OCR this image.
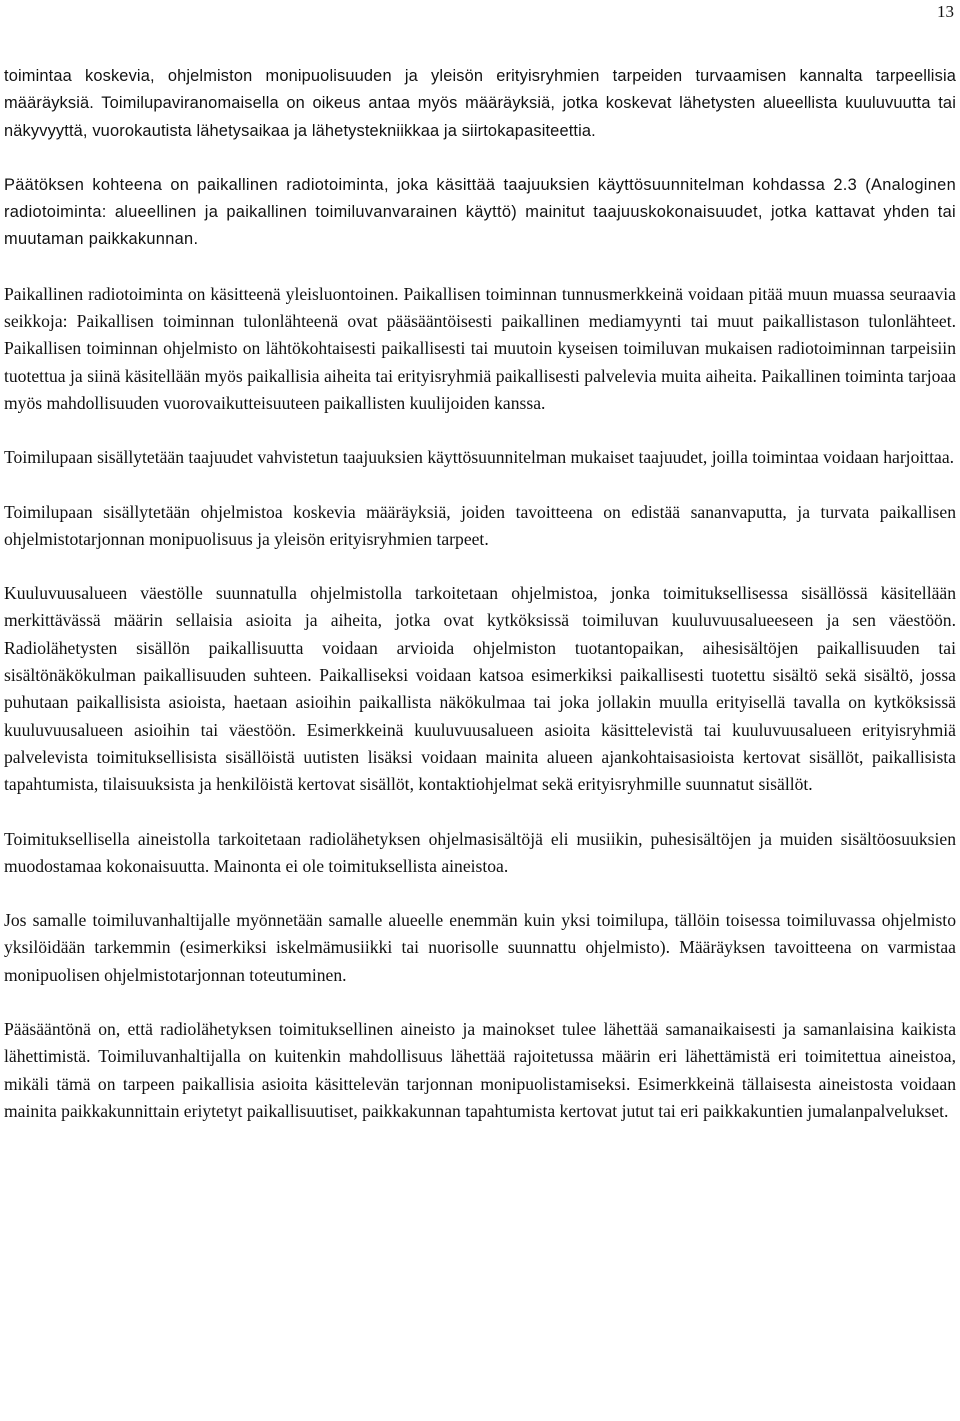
13

toimintaa koskevia, ohjelmiston monipuolisuuden ja yleisön erityisryhmien tarpeiden turvaamisen kannalta tarpeellisia määräyksiä. Toimilupaviranomaisella on oikeus antaa myös määräyksiä, jotka koskevat lähetysten alueellista kuuluvuutta tai näkyvyyttä, vuorokautista lähetysaikaa ja lähetystekniikkaa ja siirtokapasiteettia.

Päätöksen kohteena on paikallinen radiotoiminta, joka käsittää taajuuksien käyttösuunnitelman kohdassa 2.3 (Analoginen radiotoiminta: alueellinen ja paikallinen toimiluvanvarainen käyttö) mainitut taajuuskokonaisuudet, jotka kattavat yhden tai muutaman paikkakunnan.

Paikallinen radiotoiminta on käsitteenä yleisluontoinen. Paikallisen toiminnan tunnusmerkkeinä voidaan pitää muun muassa seuraavia seikkoja: Paikallisen toiminnan tulonlähteenä ovat pääsääntöisesti paikallinen mediamyynti tai muut paikallistason tulonlähteet. Paikallisen toiminnan ohjelmisto on lähtökohtaisesti paikallisesti tai muutoin kyseisen toimiluvan mukaisen radiotoiminnan tarpeisiin tuotettua ja siinä käsitellään myös paikallisia aiheita tai erityisryhmiä paikallisesti palvelevia muita aiheita. Paikallinen toiminta tarjoaa myös mahdollisuuden vuorovaikutteisuuteen paikallisten kuulijoiden kanssa.

Toimilupaan sisällytetään taajuudet vahvistetun taajuuksien käyttösuunnitelman mukaiset taajuudet, joilla toimintaa voidaan harjoittaa.

Toimilupaan sisällytetään ohjelmistoa koskevia määräyksiä, joiden tavoitteena on edistää sananvaputta, ja turvata paikallisen ohjelmistotarjonnan monipuolisuus ja yleisön erityisryhmien tarpeet.

Kuuluvuusalueen väestölle suunnatulla ohjelmistolla tarkoitetaan ohjelmistoa, jonka toimituksellisessa sisällössä käsitellään merkittävässä määrin sellaisia asioita ja aiheita, jotka ovat kytköksissä toimiluvan kuuluvuusalueeseen ja sen väestöön. Radiolähetysten sisällön paikallisuutta voidaan arvioida ohjelmiston tuotantopaikan, aihesisältöjen paikallisuuden tai sisältönäkökulman paikallisuuden suhteen. Paikalliseksi voidaan katsoa esimerkiksi paikallisesti tuotettu sisältö sekä sisältö, jossa puhutaan paikallisista asioista, haetaan asioihin paikallista näkökulmaa tai joka jollakin muulla erityisellä tavalla on kytköksissä kuuluvuusalueen asioihin tai väestöön. Esimerkkeinä kuuluvuusalueen asioita käsittelevistä tai kuuluvuusalueen erityisryhmiä palvelevista toimituksellisista sisällöistä uutisten lisäksi voidaan mainita alueen ajankohtaisasioista kertovat sisällöt, paikallisista tapahtumista, tilaisuuksista ja henkilöistä kertovat sisällöt, kontaktiohjelmat sekä erityisryhmille suunnatut sisällöt.

Toimituksellisella aineistolla tarkoitetaan radiolähetyksen ohjelmasisältöjä eli musiikin, puhesisältöjen ja muiden sisältöosuuksien muodostamaa kokonaisuutta. Mainonta ei ole toimituksellista aineistoa.

Jos samalle toimiluvanhaltijalle myönnetään samalle alueelle enemmän kuin yksi toimilupa, tällöin toisessa toimiluvassa ohjelmisto yksilöidään tarkemmin (esimerkiksi iskelmämusiikki tai nuorisolle suunnattu ohjelmisto). Määräyksen tavoitteena on varmistaa monipuolisen ohjelmistotarjonnan toteutuminen.

Pääsääntönä on, että radiolähetyksen toimituksellinen aineisto ja mainokset tulee lähettää samanaikaisesti ja samanlaisina kaikista lähettimistä. Toimiluvanhaltijalla on kuitenkin mahdollisuus lähettää rajoitetussa määrin eri lähettämistä eri toimitettua aineistoa, mikäli tämä on tarpeen paikallisia asioita käsittelevän tarjonnan monipuolistamiseksi. Esimerkkeinä tällaisesta aineistosta voidaan mainita paikkakunnittain eriytetyt paikallisuutiset, paikkakunnan tapahtumista kertovat jutut tai eri paikkakuntien jumalanpalvelukset.
